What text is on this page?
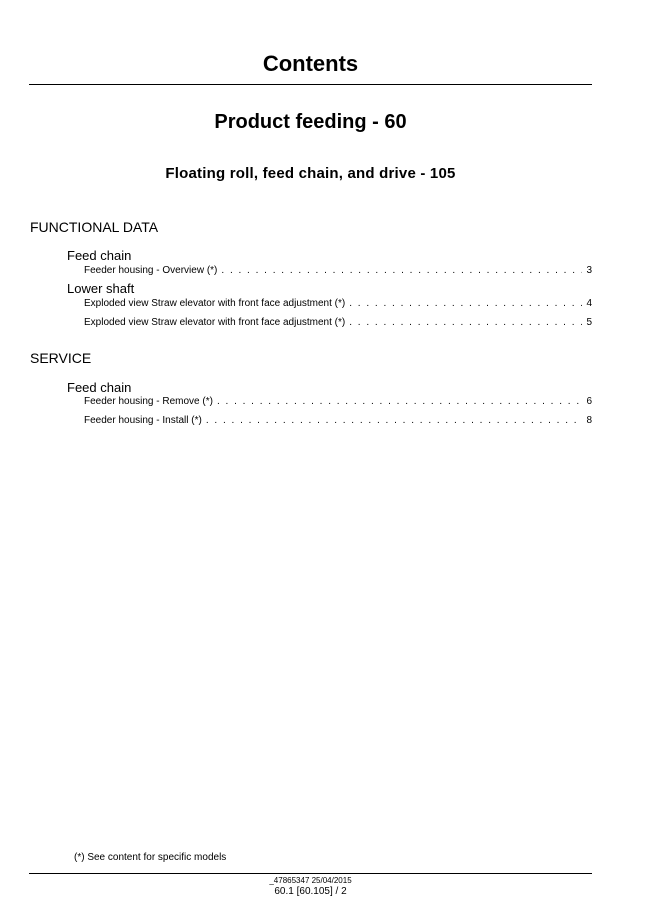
Contents
Product feeding - 60
Floating roll, feed chain, and drive - 105
FUNCTIONAL DATA
Feed chain
Feeder housing - Overview (*) . . .	3
Lower shaft
Exploded view Straw elevator with front face adjustment (*) . . .	4
Exploded view Straw elevator with front face adjustment (*) . . .	5
SERVICE
Feed chain
Feeder housing - Remove (*) . . .	6
Feeder housing - Install (*) . . .	8
(*) See content for specific models
_47865347 25/04/2015
60.1 [60.105] / 2
